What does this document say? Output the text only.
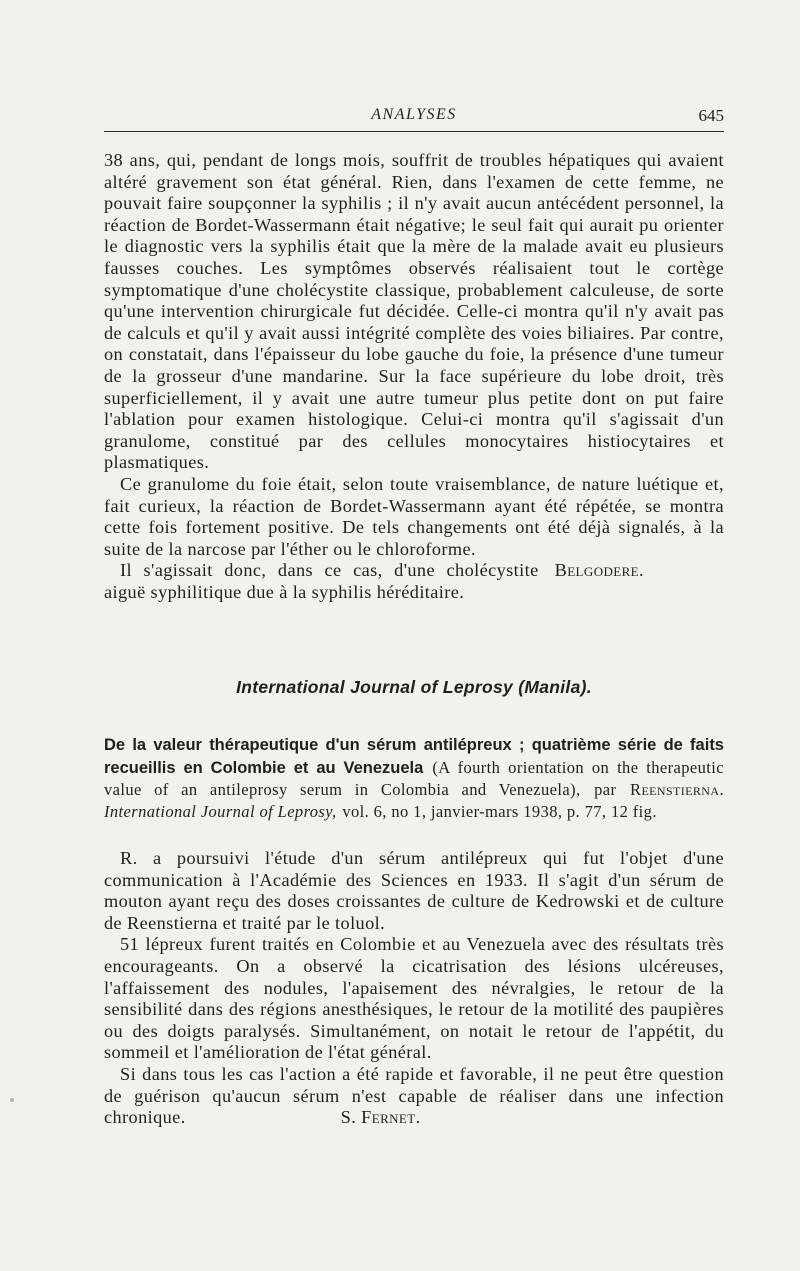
ANALYSES	645

38 ans, qui, pendant de longs mois, souffrit de troubles hépatiques qui avaient altéré gravement son état général. Rien, dans l'examen de cette femme, ne pouvait faire soupçonner la syphilis ; il n'y avait aucun antécédent personnel, la réaction de Bordet-Wassermann était négative; le seul fait qui aurait pu orienter le diagnostic vers la syphilis était que la mère de la malade avait eu plusieurs fausses couches. Les symptômes observés réalisaient tout le cortège symptomatique d'une cholécystite classique, probablement calculeuse, de sorte qu'une intervention chirurgicale fut décidée. Celle-ci montra qu'il n'y avait pas de calculs et qu'il y avait aussi intégrité complète des voies biliaires. Par contre, on constatait, dans l'épaisseur du lobe gauche du foie, la présence d'une tumeur de la grosseur d'une mandarine. Sur la face supérieure du lobe droit, très superficiellement, il y avait une autre tumeur plus petite dont on put faire l'ablation pour examen histologique. Celui-ci montra qu'il s'agissait d'un granulome, constitué par des cellules monocytaires histiocytaires et plasmatiques.

Ce granulome du foie était, selon toute vraisemblance, de nature luétique et, fait curieux, la réaction de Bordet-Wassermann ayant été répétée, se montra cette fois fortement positive. De tels changements ont été déjà signalés, à la suite de la narcose par l'éther ou le chloroforme.

Il s'agissait donc, dans ce cas, d'une cholécystite aiguë syphilitique due à la syphilis héréditaire.
Belgodere.

International Journal of Leprosy (Manila).
De la valeur thérapeutique d'un sérum antilépreux ; quatrième série de faits recueillis en Colombie et au Venezuela (A fourth orientation on the therapeutic value of an antileprosy serum in Colombia and Venezuela), par Reenstierna. International Journal of Leprosy, vol. 6, no 1, janvier-mars 1938, p. 77, 12 fig.

R. a poursuivi l'étude d'un sérum antilépreux qui fut l'objet d'une communication à l'Académie des Sciences en 1933. Il s'agit d'un sérum de mouton ayant reçu des doses croissantes de culture de Kedrowski et de culture de Reenstierna et traité par le toluol.

51 lépreux furent traités en Colombie et au Venezuela avec des résultats très encourageants. On a observé la cicatrisation des lésions ulcéreuses, l'affaissement des nodules, l'apaisement des névralgies, le retour de la sensibilité dans des régions anesthésiques, le retour de la motilité des paupières ou des doigts paralysés. Simultanément, on notait le retour de l'appétit, du sommeil et l'amélioration de l'état général.

Si dans tous les cas l'action a été rapide et favorable, il ne peut être question de guérison qu'aucun sérum n'est capable de réaliser dans une infection chronique.	S. Fernet.
